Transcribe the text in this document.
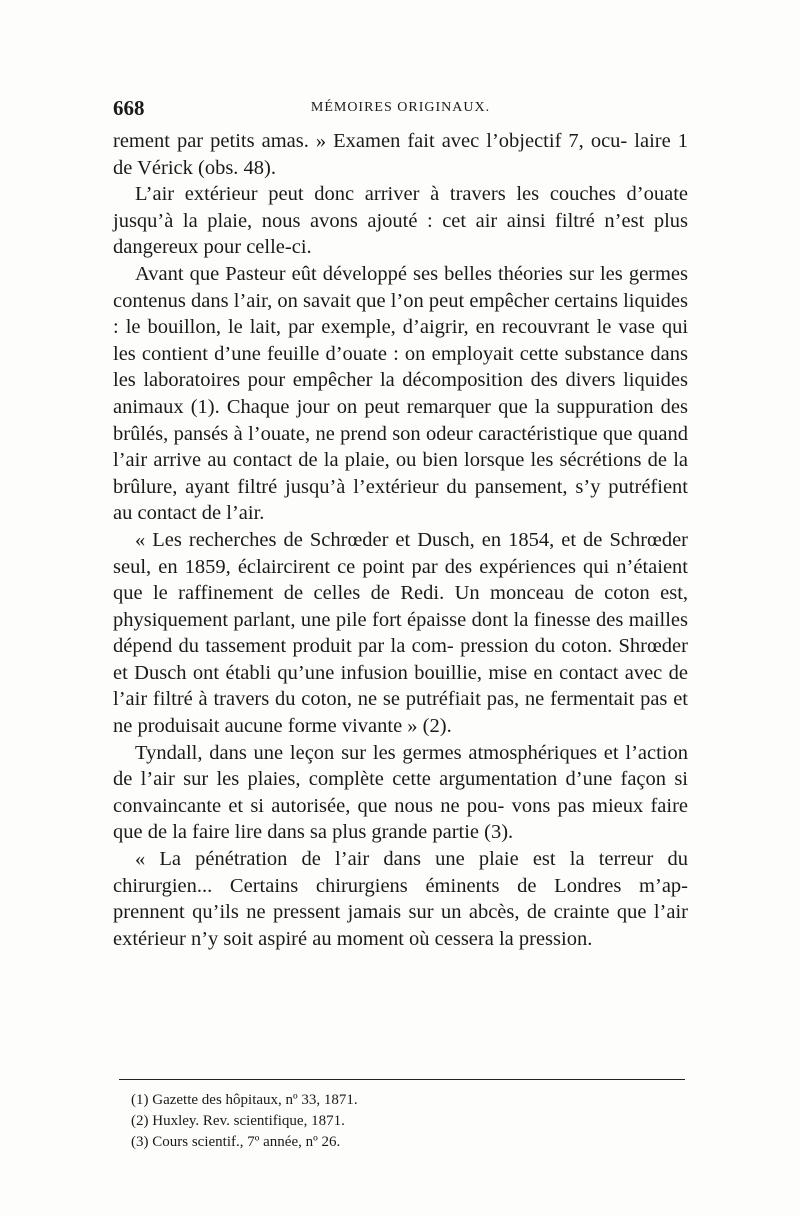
668	MÉMOIRES ORIGINAUX.

rement par petits amas. » Examen fait avec l’objectif 7, ocu- laire 1 de Vérick (obs. 48).

L’air extérieur peut donc arriver à travers les couches d’ouate jusqu’à la plaie, nous avons ajouté : cet air ainsi filtré n’est plus dangereux pour celle-ci.

Avant que Pasteur eût développé ses belles théories sur les germes contenus dans l’air, on savait que l’on peut empêcher certains liquides : le bouillon, le lait, par exemple, d’aigrir, en recouvrant le vase qui les contient d’une feuille d’ouate : on employait cette substance dans les laboratoires pour empêcher la décomposition des divers liquides animaux (1). Chaque jour on peut remarquer que la suppuration des brûlés, pansés à l’ouate, ne prend son odeur caractéristique que quand l’air arrive au contact de la plaie, ou bien lorsque les sécrétions de la brûlure, ayant filtré jusqu’à l’extérieur du pansement, s’y putréfient au contact de l’air.

« Les recherches de Schrœder et Dusch, en 1854, et de Schrœder seul, en 1859, éclaircirent ce point par des expériences qui n’étaient que le raffinement de celles de Redi. Un monceau de coton est, physiquement parlant, une pile fort épaisse dont la finesse des mailles dépend du tassement produit par la com- pression du coton. Shrœder et Dusch ont établi qu’une infusion bouillie, mise en contact avec de l’air filtré à travers du coton, ne se putréfiait pas, ne fermentait pas et ne produisait aucune forme vivante » (2).

Tyndall, dans une leçon sur les germes atmosphériques et l’action de l’air sur les plaies, complète cette argumentation d’une façon si convaincante et si autorisée, que nous ne pou- vons pas mieux faire que de la faire lire dans sa plus grande partie (3).

« La pénétration de l’air dans une plaie est la terreur du chirurgien... Certains chirurgiens éminents de Londres m’ap- prennent qu’ils ne pressent jamais sur un abcès, de crainte que l’air extérieur n’y soit aspiré au moment où cessera la pression.

(1) Gazette des hôpitaux, nº 33, 1871.
(2) Huxley. Rev. scientifique, 1871.
(3) Cours scientif., 7º année, nº 26.
